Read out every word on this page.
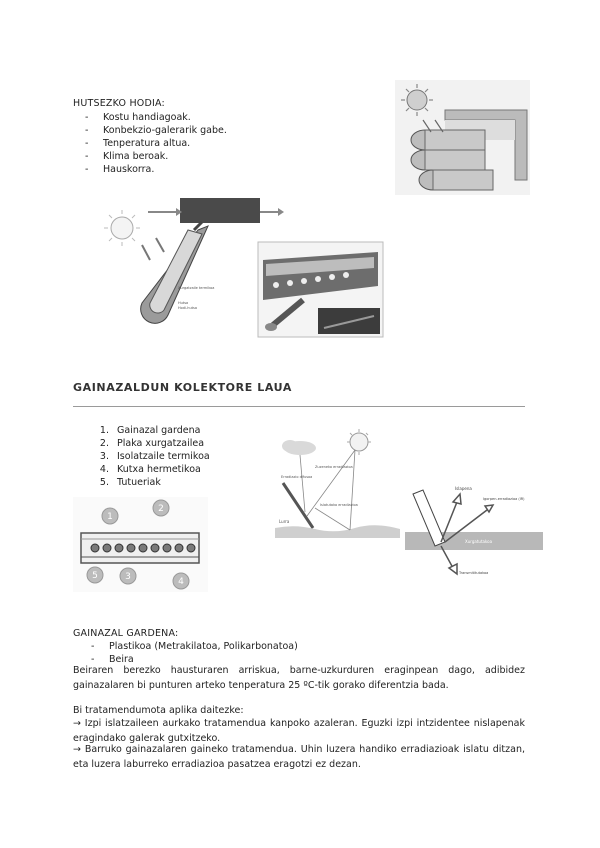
HUTSEZKO HODIA:
- Kostu handiagoak.
- Konbekzio-galerarik gabe.
- Tenperatura altua.
- Klima beroak.
- Hauskorra.
Xurgatzaile termikoa
Hutsa
Hodi-hutsa
GAINAZALDUN KOLEKTORE LAUA
1. Gainazal gardena
2. Plaka xurgatzailea
3. Isolatzaile termikoa
4. Kutxa hermetikoa
5. Tutueriak
1
2
3	4
5
Zuzeneko erradiazioa
Erradiazio difusoa
Islatutako erradiazioa
Lurra
Xurgatutakoa
Islapena
Igorpen-erradiazioa (IR)
Transmititutakoa
GAINAZAL GARDENA:
- Plastikoa (Metrakilatoa, Polikarbonatoa)
- Beira
Beiraren berezko hausturaren arriskua, barne-uzkurduren eraginpean dago, adibidez gainazalaren bi punturen arteko tenperatura 25 ºC-tik gorako diferentzia bada.
Bi tratamendumota aplika daitezke:
→ Izpi islatzaileen aurkako tratamendua kanpoko azaleran. Eguzki izpi intzidentee nislapenak eragindako galerak gutxitzeko.
→ Barruko gainazalaren gaineko tratamendua. Uhin luzera handiko erradiazioak islatu ditzan, eta luzera laburreko erradiazioa pasatzea eragotzi ez dezan.
